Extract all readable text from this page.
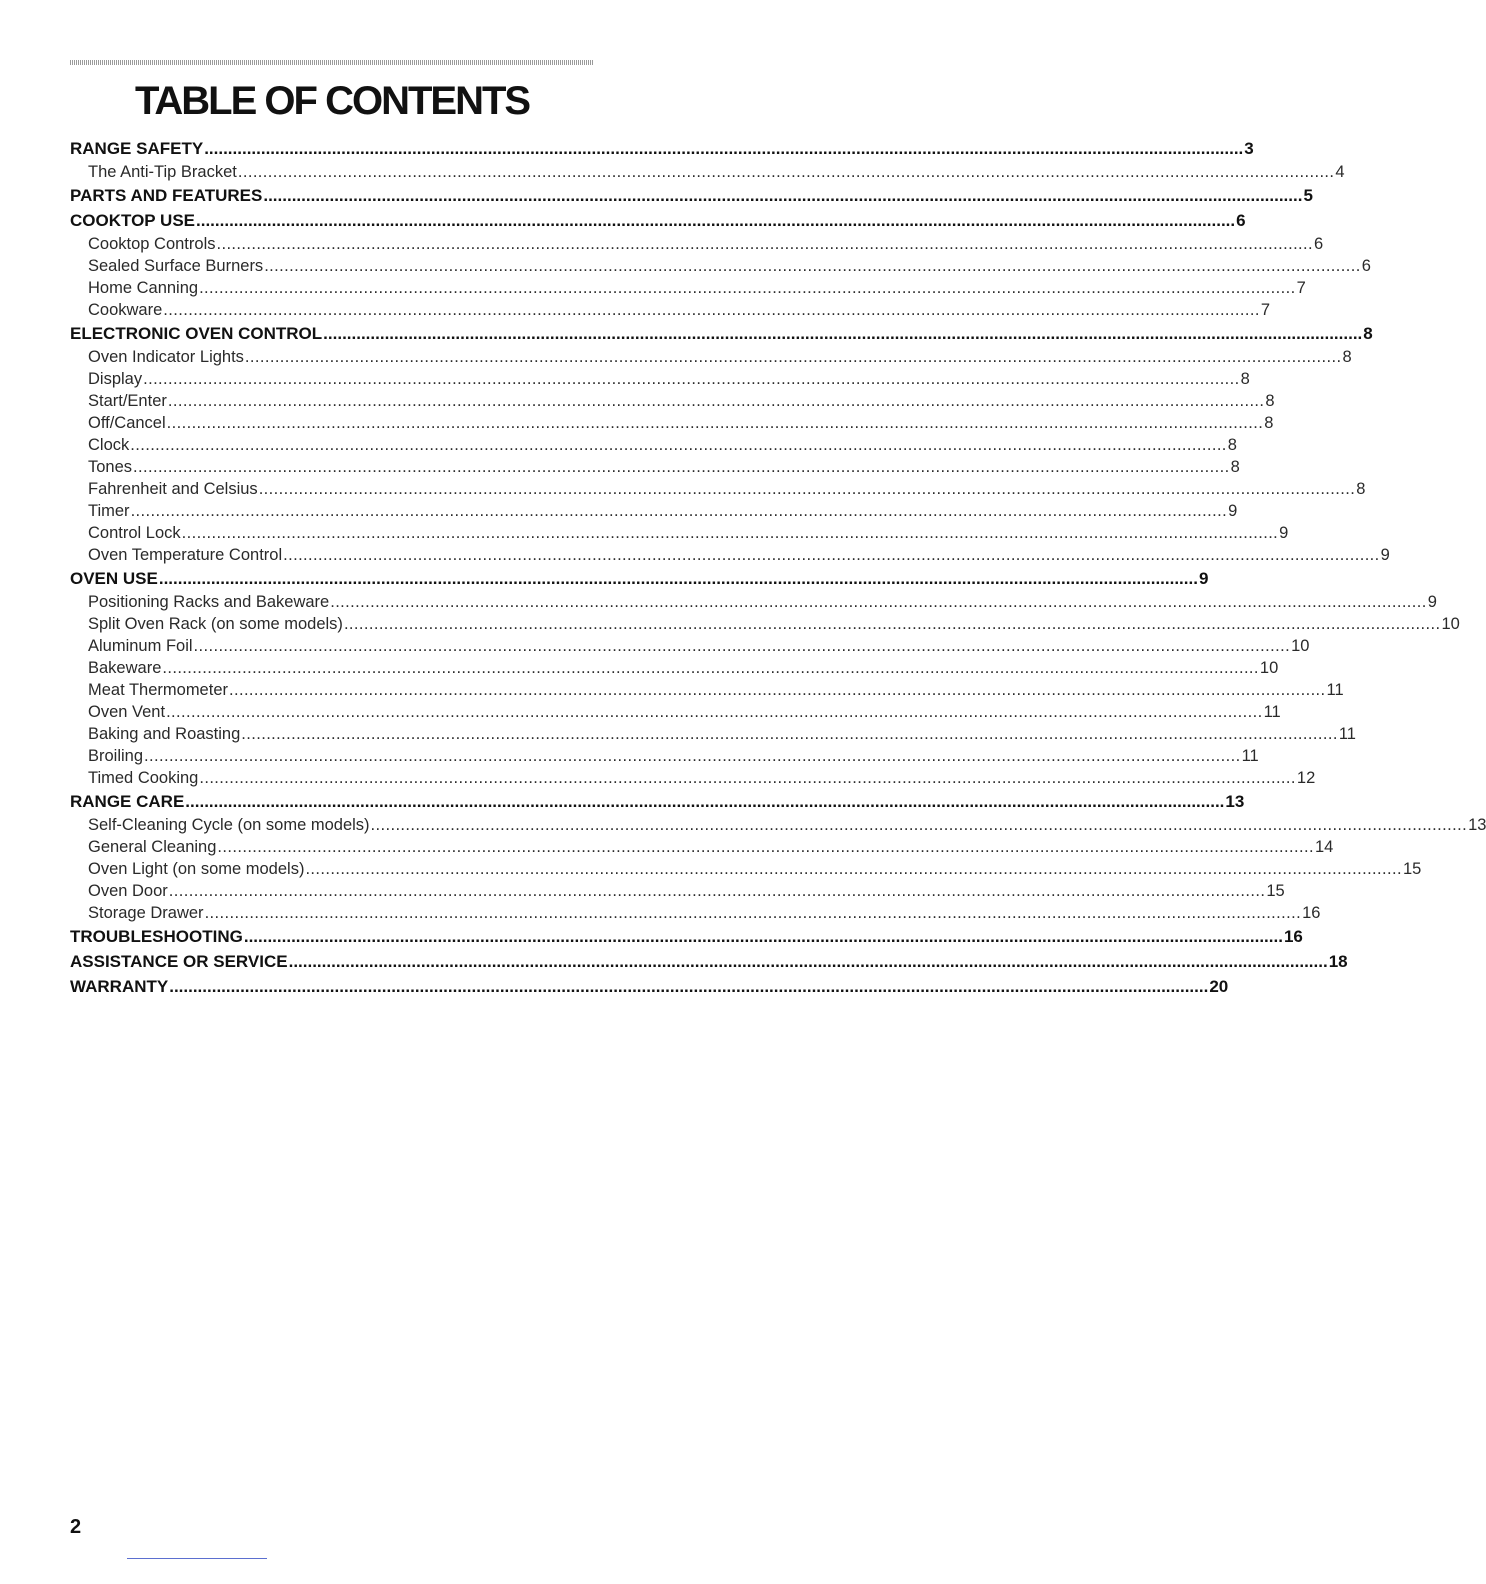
TABLE OF CONTENTS
RANGE SAFETY ............................................................................................................................................................................................................................ 3
The Anti-Tip Bracket ............................................................................................................................................................................................................................ 4
PARTS AND FEATURES ............................................................................................................................................................................................................................ 5
COOKTOP USE ............................................................................................................................................................................................................................ 6
Cooktop Controls ............................................................................................................................................................................................................................ 6
Sealed Surface Burners ............................................................................................................................................................................................................................ 6
Home Canning ............................................................................................................................................................................................................................ 7
Cookware ............................................................................................................................................................................................................................ 7
ELECTRONIC OVEN CONTROL ............................................................................................................................................................................................................................ 8
Oven Indicator Lights ............................................................................................................................................................................................................................ 8
Display ............................................................................................................................................................................................................................ 8
Start/Enter ............................................................................................................................................................................................................................ 8
Off/Cancel ............................................................................................................................................................................................................................ 8
Clock ............................................................................................................................................................................................................................ 8
Tones ............................................................................................................................................................................................................................ 8
Fahrenheit and Celsius ............................................................................................................................................................................................................................ 8
Timer ............................................................................................................................................................................................................................ 9
Control Lock ............................................................................................................................................................................................................................ 9
Oven Temperature Control ............................................................................................................................................................................................................................ 9
OVEN USE ............................................................................................................................................................................................................................ 9
Positioning Racks and Bakeware ............................................................................................................................................................................................................................ 9
Split Oven Rack (on some models) ............................................................................................................................................................................................................................ 10
Aluminum Foil ............................................................................................................................................................................................................................ 10
Bakeware ............................................................................................................................................................................................................................ 10
Meat Thermometer ............................................................................................................................................................................................................................ 11
Oven Vent ............................................................................................................................................................................................................................ 11
Baking and Roasting ............................................................................................................................................................................................................................ 11
Broiling ............................................................................................................................................................................................................................ 11
Timed Cooking ............................................................................................................................................................................................................................ 12
RANGE CARE ............................................................................................................................................................................................................................ 13
Self-Cleaning Cycle (on some models) ............................................................................................................................................................................................................................ 13
General Cleaning ............................................................................................................................................................................................................................ 14
Oven Light (on some models) ............................................................................................................................................................................................................................ 15
Oven Door ............................................................................................................................................................................................................................ 15
Storage Drawer ............................................................................................................................................................................................................................ 16
TROUBLESHOOTING ............................................................................................................................................................................................................................ 16
ASSISTANCE OR SERVICE ............................................................................................................................................................................................................................ 18
WARRANTY ............................................................................................................................................................................................................................ 20
2
